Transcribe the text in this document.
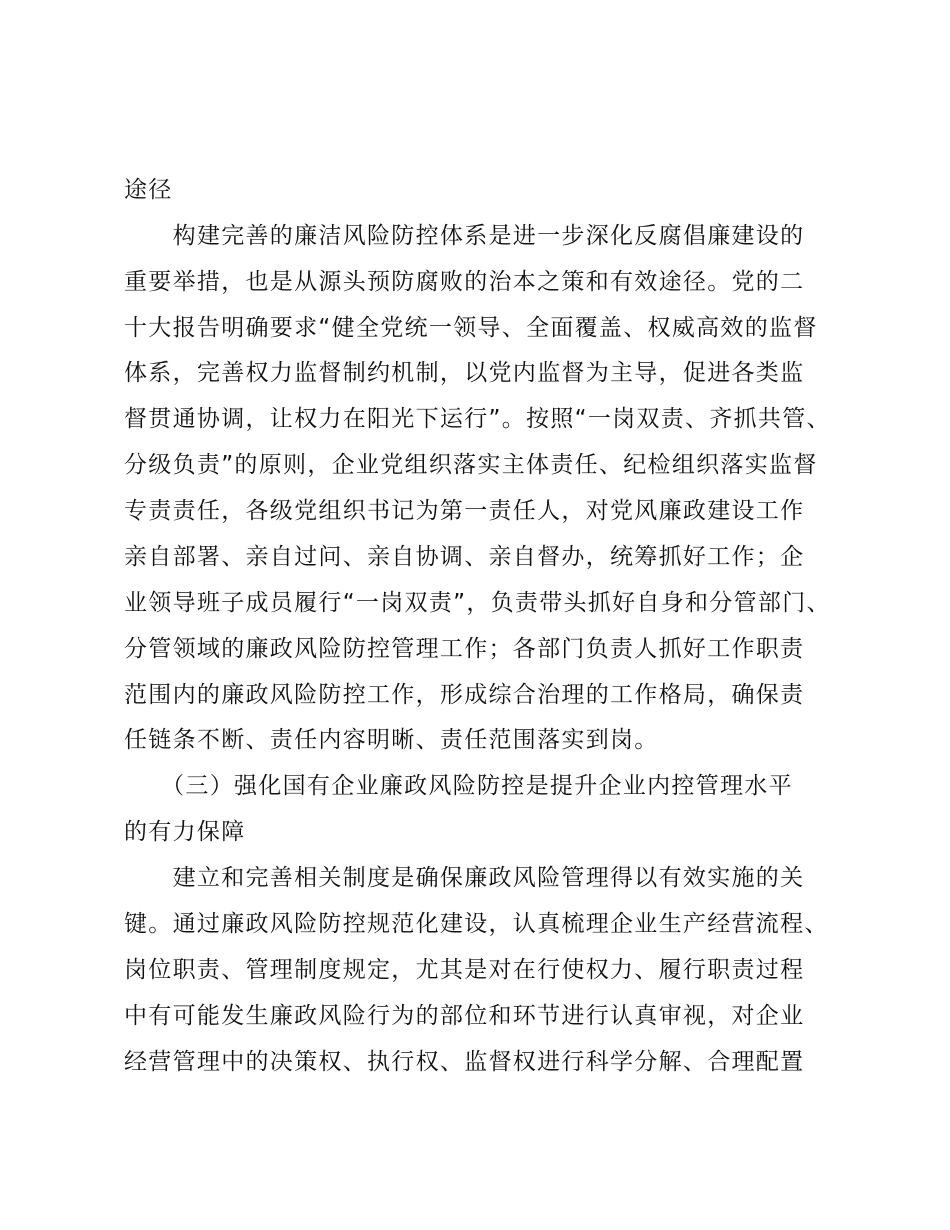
途径
　　构建完善的廉洁风险防控体系是进一步深化反腐倡廉建设的
重要举措，也是从源头预防腐败的治本之策和有效途径。党的二
十大报告明确要求“健全党统一领导、全面覆盖、权威高效的监督
体系，完善权力监督制约机制，以党内监督为主导，促进各类监
督贯通协调，让权力在阳光下运行”。按照“一岗双责、齐抓共管、
分级负责”的原则，企业党组织落实主体责任、纪检组织落实监督
专责责任，各级党组织书记为第一责任人，对党风廉政建设工作
亲自部署、亲自过问、亲自协调、亲自督办，统筹抓好工作；企
业领导班子成员履行“一岗双责”，负责带头抓好自身和分管部门、
分管领域的廉政风险防控管理工作；各部门负责人抓好工作职责
范围内的廉政风险防控工作，形成综合治理的工作格局，确保责
任链条不断、责任内容明晰、责任范围落实到岗。
　　（三）强化国有企业廉政风险防控是提升企业内控管理水平
的有力保障
　　建立和完善相关制度是确保廉政风险管理得以有效实施的关
键。通过廉政风险防控规范化建设，认真梳理企业生产经营流程、
岗位职责、管理制度规定，尤其是对在行使权力、履行职责过程
中有可能发生廉政风险行为的部位和环节进行认真审视，对企业
经营管理中的决策权、执行权、监督权进行科学分解、合理配置
